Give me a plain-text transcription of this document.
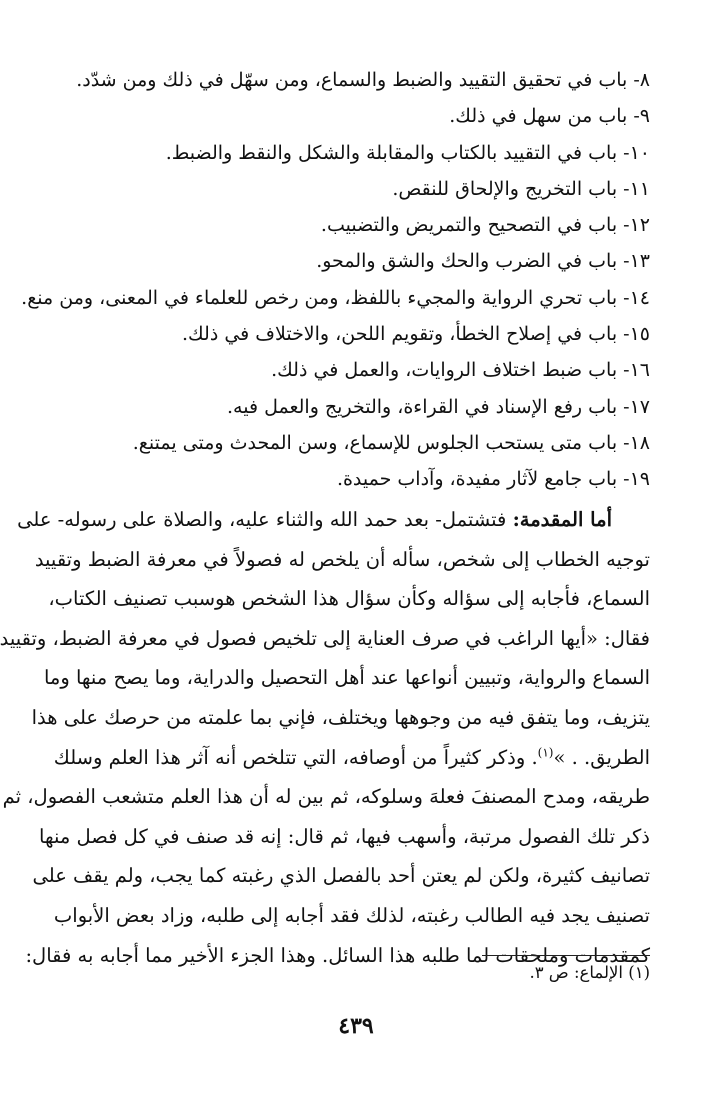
٨- باب في تحقيق التقييد والضبط والسماع، ومن سهّل في ذلك ومن شدّد.
٩- باب من سهل في ذلك.
١٠- باب في التقييد بالكتاب والمقابلة والشكل والنقط والضبط.
١١- باب التخريج والإلحاق للنقص.
١٢- باب في التصحيح والتمريض والتضبيب.
١٣- باب في الضرب والحك والشق والمحو.
١٤- باب تحري الرواية والمجيء باللفظ، ومن رخص للعلماء في المعنى، ومن منع.
١٥- باب في إصلاح الخطأ، وتقويم اللحن، والاختلاف في ذلك.
١٦- باب ضبط اختلاف الروايات، والعمل في ذلك.
١٧- باب رفع الإسناد في القراءة، والتخريج والعمل فيه.
١٨- باب متى يستحب الجلوس للإسماع، وسن المحدث ومتى يمتنع.
١٩- باب جامع لآثار مفيدة، وآداب حميدة.
أما المقدمة: فتشتمل- بعد حمد الله والثناء عليه، والصلاة على رسوله- على
توجيه الخطاب إلى شخص، سأله أن يلخص له فصولاً في معرفة الضبط وتقييد
السماع، فأجابه إلى سؤاله وكأن سؤال هذا الشخص هوسبب تصنيف الكتاب،
فقال: «أيها الراغب في صرف العناية إلى تلخيص فصول في معرفة الضبط، وتقييد
السماع والرواية، وتبيين أنواعها عند أهل التحصيل والدراية، وما يصح منها وما
يتزيف، وما يتفق فيه من وجوهها ويختلف، فإني بما علمته من حرصك على هذا
الطريق. . »$^{(١)}$. وذكر كثيراً من أوصافه، التي تتلخص أنه آثر هذا العلم وسلك
طريقه، ومدح المصنفَ فعلهَ وسلوكه، ثم بين له أن هذا العلم متشعب الفصول، ثم
ذكر تلك الفصول مرتبة، وأسهب فيها، ثم قال: إنه قد صنف في كل فصل منها
تصانيف كثيرة، ولكن لم يعتن أحد بالفصل الذي رغبته كما يجب، ولم يقف على
تصنيف يجد فيه الطالب رغبته، لذلك فقد أجابه إلى طلبه، وزاد بعض الأبواب
كمقدمات وملحقات لما طلبه هذا السائل. وهذا الجزء الأخير مما أجابه به فقال:
(١) الإلماع: ص ٣.
٤٣٩
